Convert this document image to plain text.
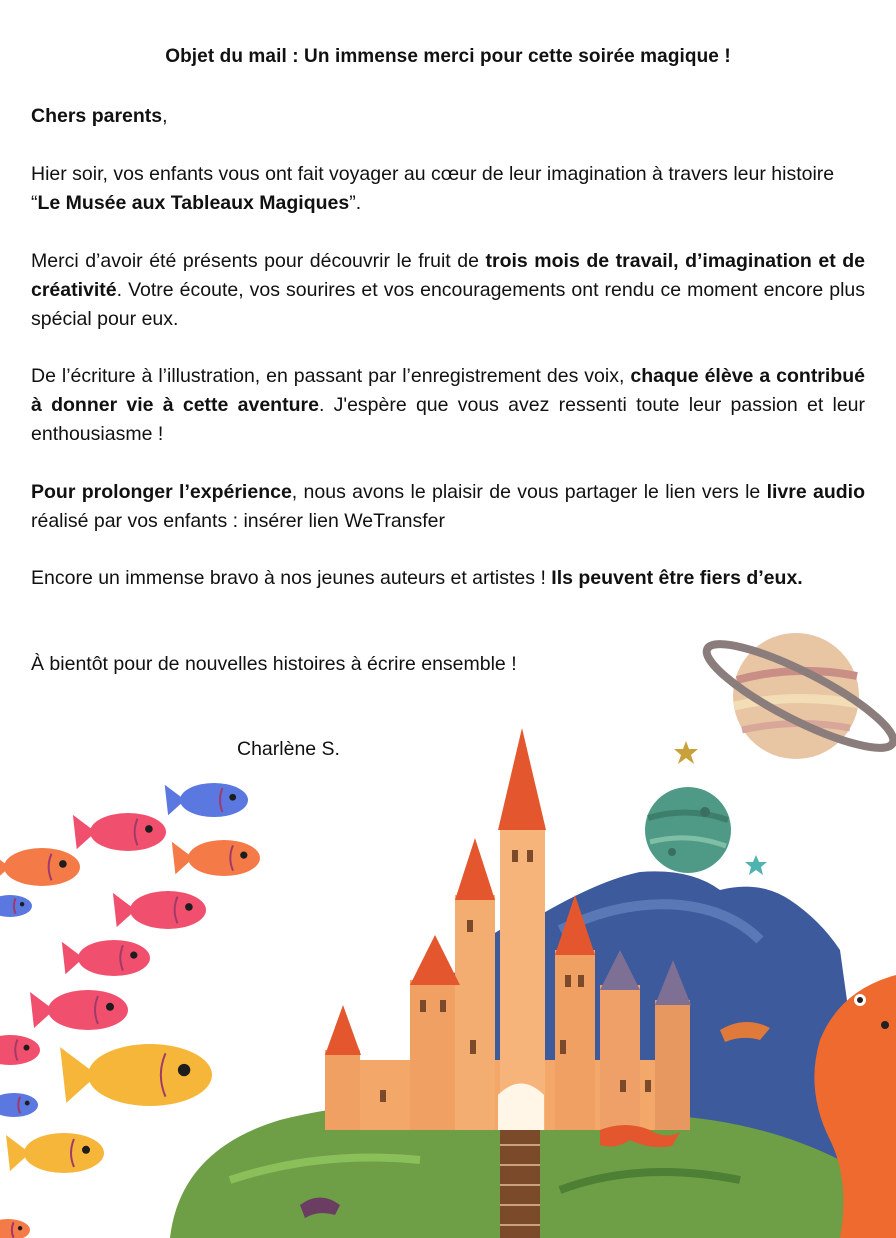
Objet du mail : Un immense merci pour cette soirée magique !
Chers parents,
Hier soir, vos enfants vous ont fait voyager au cœur de leur imagination à travers leur histoire “Le Musée aux Tableaux Magiques”.
Merci d’avoir été présents pour découvrir le fruit de trois mois de travail, d’imagination et de créativité. Votre écoute, vos sourires et vos encouragements ont rendu ce moment encore plus spécial pour eux.
De l’écriture à l’illustration, en passant par l’enregistrement des voix, chaque élève a contribué à donner vie à cette aventure. J'espère que vous avez ressenti toute leur passion et leur enthousiasme !
Pour prolonger l’expérience, nous avons le plaisir de vous partager le lien vers le livre audio réalisé par vos enfants : insérer lien WeTransfer
Encore un immense bravo à nos jeunes auteurs et artistes ! Ils peuvent être fiers d’eux.
À bientôt pour de nouvelles histoires à écrire ensemble !
Charlène S.
